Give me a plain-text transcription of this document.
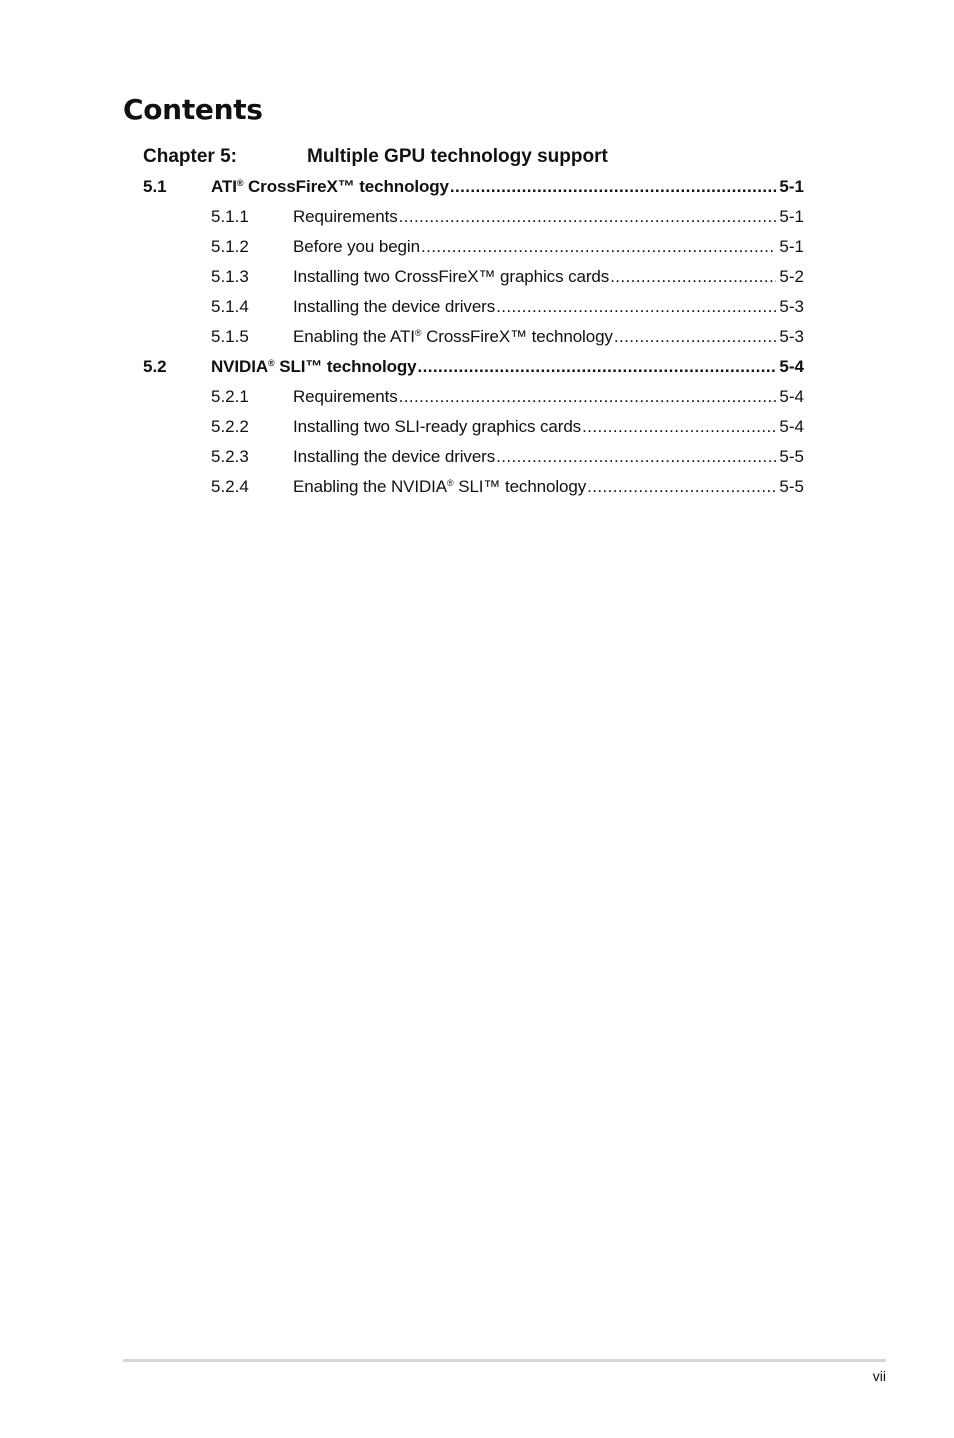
Contents
Chapter 5:	Multiple GPU technology support
5.1	ATI® CrossFireX™ technology .....	5-1
5.1.1	Requirements .....	5-1
5.1.2	Before you begin .....	5-1
5.1.3	Installing two CrossFireX™ graphics cards .....	5-2
5.1.4	Installing the device drivers .....	5-3
5.1.5	Enabling the ATI® CrossFireX™ technology .....	5-3
5.2	NVIDIA® SLI™ technology .....	5-4
5.2.1	Requirements .....	5-4
5.2.2	Installing two SLI-ready graphics cards .....	5-4
5.2.3	Installing the device drivers .....	5-5
5.2.4	Enabling the NVIDIA® SLI™ technology .....	5-5
vii
